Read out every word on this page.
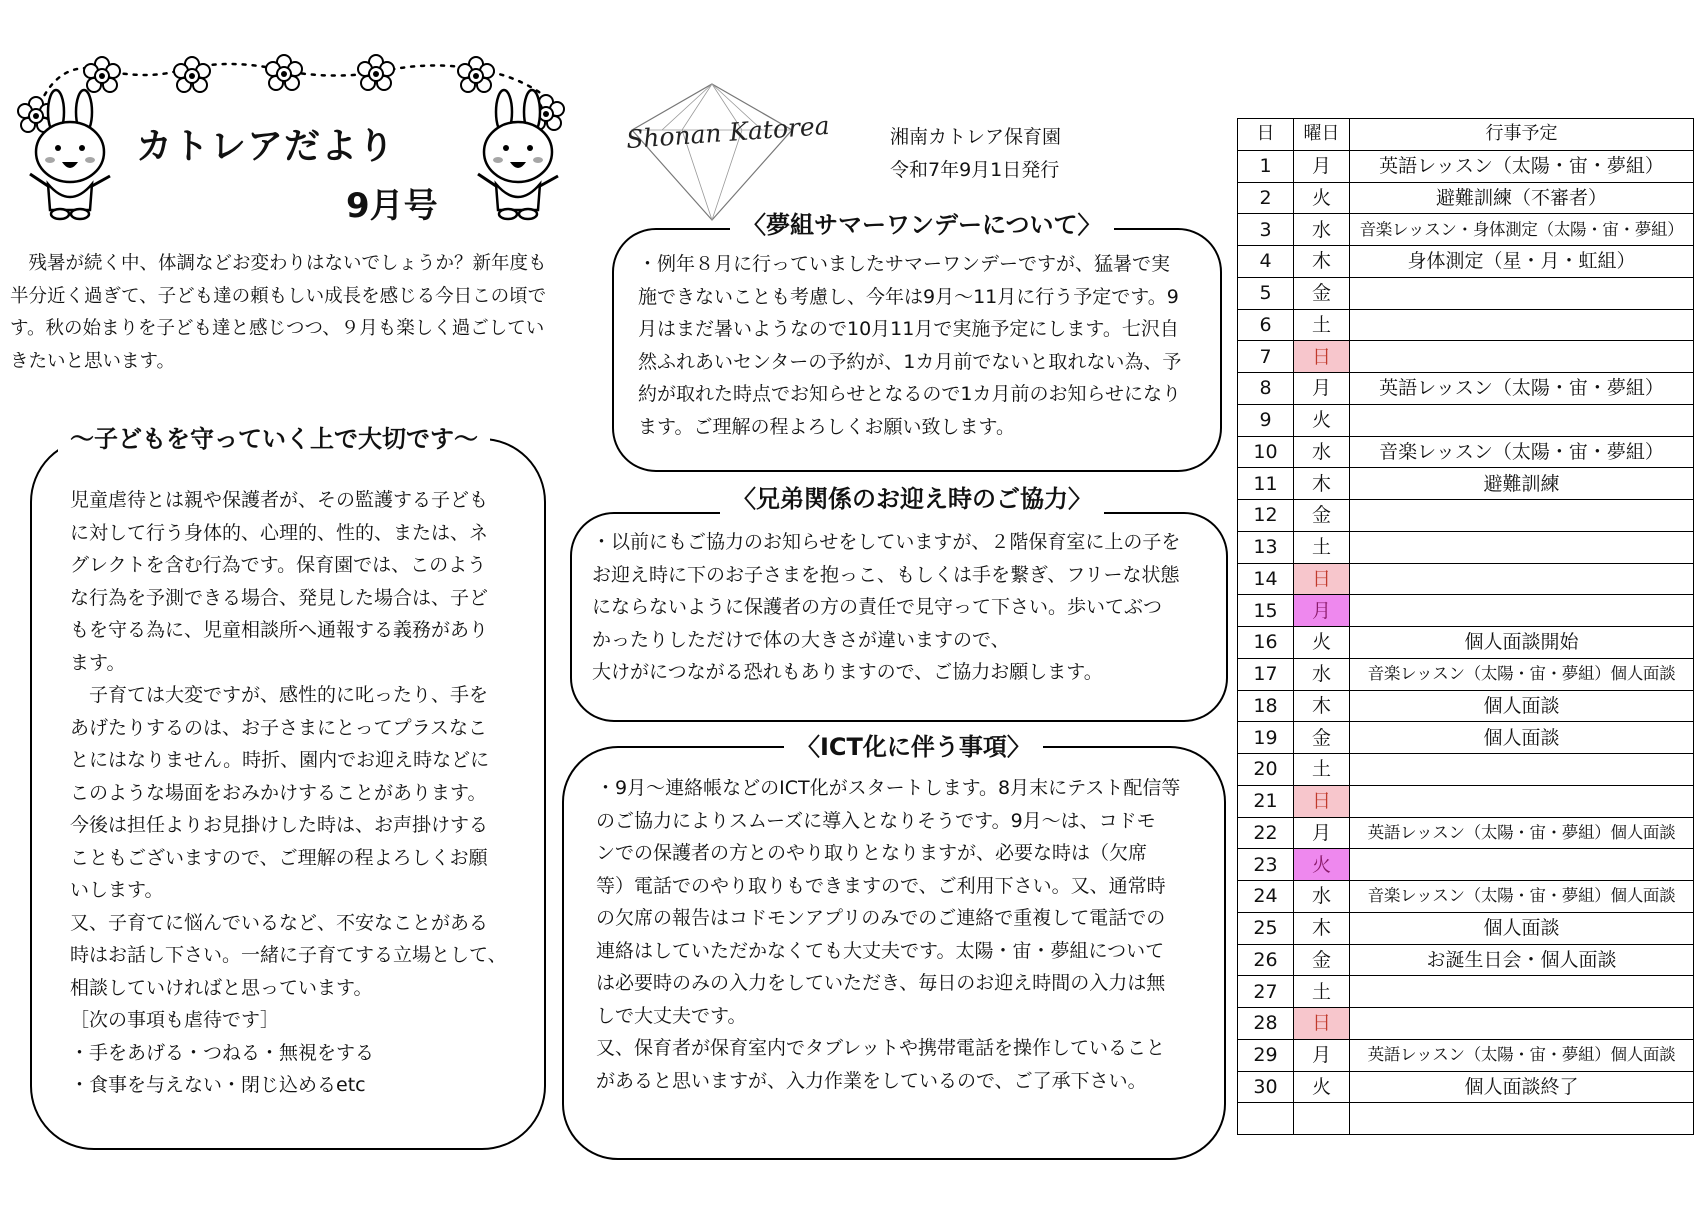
カトレアだより
9月号
Shonan Katorea	湘南カトレア保育園
令和7年9月1日発行
　残暑が続く中、体調などお変わりはないでしょうか？新年度も
半分近く過ぎて、子ども達の頼もしい成長を感じる今日この頃で
す。秋の始まりを子ども達と感じつつ、９月も楽しく過ごしてい
きたいと思います。
～子どもを守っていく上で大切です～
児童虐待とは親や保護者が、その監護する子ども
に対して行う身体的、心理的、性的、または、ネ
グレクトを含む行為です。保育園では、このよう
な行為を予測できる場合、発見した場合は、子ど
もを守る為に、児童相談所へ通報する義務があり
ます。
　子育ては大変ですが、感性的に叱ったり、手を
あげたりするのは、お子さまにとってプラスなこ
とにはなりません。時折、園内でお迎え時などに
このような場面をおみかけすることがあります。
今後は担任よりお見掛けした時は、お声掛けする
こともございますので、ご理解の程よろしくお願
いします。
又、子育てに悩んでいるなど、不安なことがある
時はお話し下さい。一緒に子育てする立場として、
相談していければと思っています。
［次の事項も虐待です］
・手をあげる・つねる・無視をする
・食事を与えない・閉じ込めるetc
〈夢組サマーワンデーについて〉
・例年８月に行っていましたサマーワンデーですが、猛暑で実
施できないことも考慮し、今年は9月～11月に行う予定です。9
月はまだ暑いようなので10月11月で実施予定にします。七沢自
然ふれあいセンターの予約が、1カ月前でないと取れない為、予
約が取れた時点でお知らせとなるので1カ月前のお知らせになり
ます。ご理解の程よろしくお願い致します。
〈兄弟関係のお迎え時のご協力〉
・以前にもご協力のお知らせをしていますが、２階保育室に上の子を
お迎え時に下のお子さまを抱っこ、もしくは手を繋ぎ、フリーな状態
にならないように保護者の方の責任で見守って下さい。歩いてぶつ
かったりしただけで体の大きさが違いますので、
大けがにつながる恐れもありますので、ご協力お願します。
〈ICT化に伴う事項〉
・9月～連絡帳などのICT化がスタートします。8月末にテスト配信等
のご協力によりスムーズに導入となりそうです。9月～は、コドモ
ンでの保護者の方とのやり取りとなりますが、必要な時は（欠席
等）電話でのやり取りもできますので、ご利用下さい。又、通常時
の欠席の報告はコドモンアプリのみでのご連絡で重複して電話での
連絡はしていただかなくても大丈夫です。太陽・宙・夢組について
は必要時のみの入力をしていただき、毎日のお迎え時間の入力は無
しで大丈夫です。
又、保育者が保育室内でタブレットや携帯電話を操作していること
があると思いますが、入力作業をしているので、ご了承下さい。
日	曜日	行事予定
1	月	英語レッスン（太陽・宙・夢組）
2	火	避難訓練（不審者）
3	水	音楽レッスン・身体測定（太陽・宙・夢組）
4	木	身体測定（星・月・虹組）
5	金	
6	土	
7	日	
8	月	英語レッスン（太陽・宙・夢組）
9	火	
10	水	音楽レッスン（太陽・宙・夢組）
11	木	避難訓練
12	金	
13	土	
14	日	
15	月	
16	火	個人面談開始
17	水	音楽レッスン（太陽・宙・夢組）個人面談
18	木	個人面談
19	金	個人面談
20	土	
21	日	
22	月	英語レッスン（太陽・宙・夢組）個人面談
23	火	
24	水	音楽レッスン（太陽・宙・夢組）個人面談
25	木	個人面談
26	金	お誕生日会・個人面談
27	土	
28	日	
29	月	英語レッスン（太陽・宙・夢組）個人面談
30	火	個人面談終了
